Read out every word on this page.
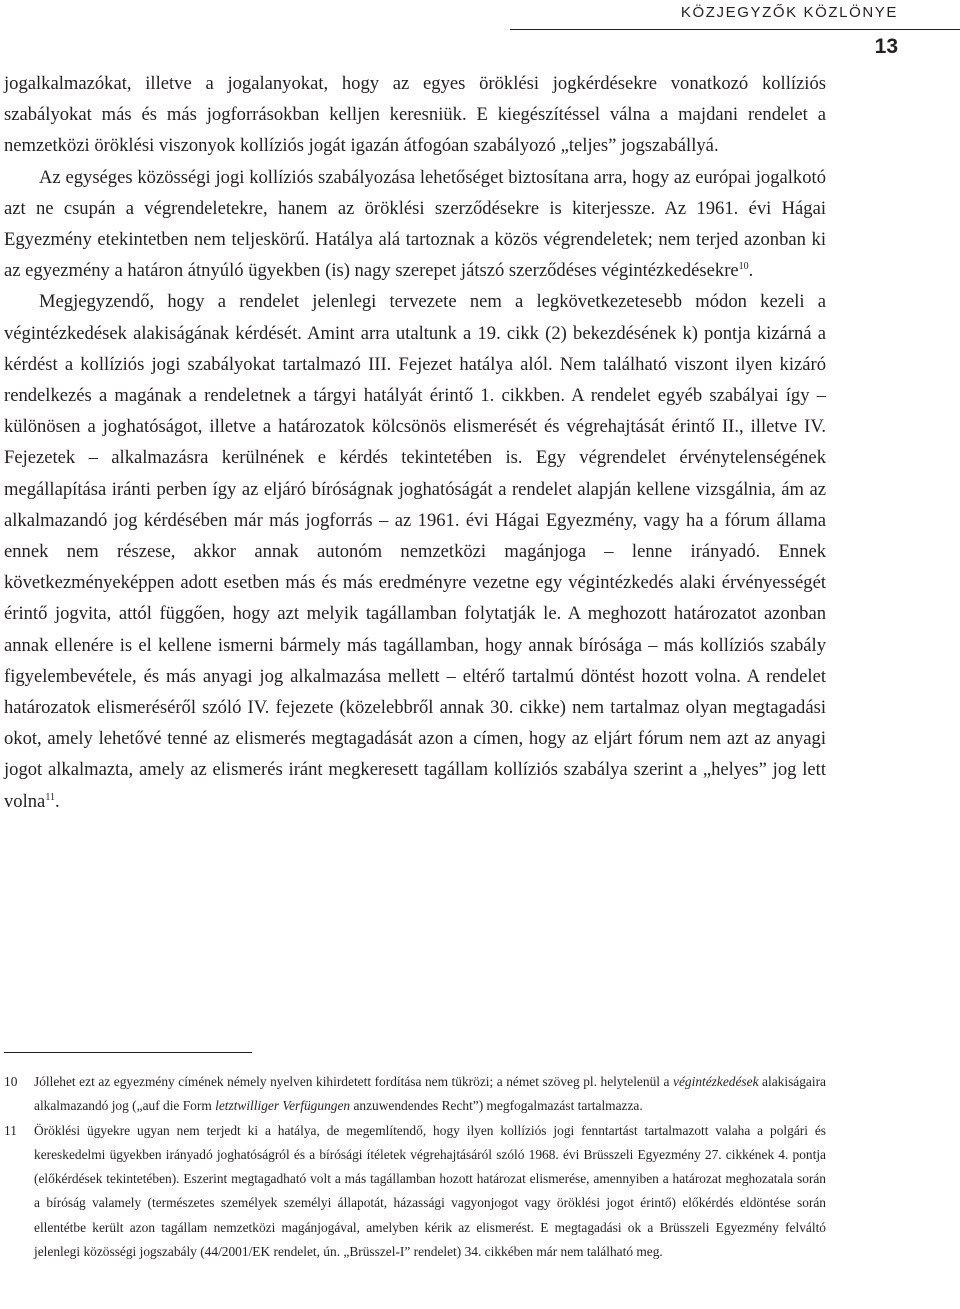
KÖZJEGYZŐK KÖZLÖNYE
13

jogalkalmazókat, illetve a jogalanyokat, hogy az egyes öröklési jogkérdésekre vonatkozó kollíziós szabályokat más és más jogforrásokban kelljen keresniük. E kiegészítéssel válna a majdani rendelet a nemzetközi öröklési viszonyok kollíziós jogát igazán átfogóan szabályozó „teljes” jogszabállyá.

Az egységes közösségi jogi kollíziós szabályozása lehetőséget biztosítana arra, hogy az európai jogalkotó azt ne csupán a végrendeletekre, hanem az öröklési szerződésekre is kiterjessze. Az 1961. évi Hágai Egyezmény etekintetben nem teljeskörű. Hatálya alá tartoznak a közös végrendeletek; nem terjed azonban ki az egyezmény a határon átnyúló ügyekben (is) nagy szerepet játszó szerződéses végintézkedésekre$^{10}$.

Megjegyzendő, hogy a rendelet jelenlegi tervezete nem a legkövetkezetesebb módon kezeli a végintézkedések alakiságának kérdését. Amint arra utaltunk a 19. cikk (2) bekezdésének k) pontja kizárná a kérdést a kollíziós jogi szabályokat tartalmazó III. Fejezet hatálya alól. Nem található viszont ilyen kizáró rendelkezés a magának a rendeletnek a tárgyi hatályát érintő 1. cikkben. A rendelet egyéb szabályai így – különösen a joghatóságot, illetve a határozatok kölcsönös elismerését és végrehajtását érintő II., illetve IV. Fejezetek – alkalmazásra kerülnének e kérdés tekintetében is. Egy végrendelet érvénytelenségének megállapítása iránti perben így az eljáró bíróságnak joghatóságát a rendelet alapján kellene vizsgálnia, ám az alkalmazandó jog kérdésében már más jogforrás – az 1961. évi Hágai Egyezmény, vagy ha a fórum állama ennek nem részese, akkor annak autonóm nemzetközi magánjoga – lenne irányadó. Ennek következményeképpen adott esetben más és más eredményre vezetne egy végintézkedés alaki érvényességét érintő jogvita, attól függően, hogy azt melyik tagállamban folytatják le. A meghozott határozatot azonban annak ellenére is el kellene ismerni bármely más tagállamban, hogy annak bírósága – más kollíziós szabály figyelembevétele, és más anyagi jog alkalmazása mellett – eltérő tartalmú döntést hozott volna. A rendelet határozatok elismeréséről szóló IV. fejezete (közelebbről annak 30. cikke) nem tartalmaz olyan megtagadási okot, amely lehetővé tenné az elismerés megtagadását azon a címen, hogy az eljárt fórum nem azt az anyagi jogot alkalmazta, amely az elismerés iránt megkeresett tagállam kollíziós szabálya szerint a „helyes” jog lett volna$^{11}$.

10	Jóllehet ezt az egyezmény címének némely nyelven kihirdetett fordítása nem tükrözi; a német szöveg pl. helytelenül a végintézkedések alakiságaira alkalmazandó jog („auf die Form letztwilliger Verfügungen anzuwendendes Recht”) megfogalmazást tartalmazza.
11	Öröklési ügyekre ugyan nem terjedt ki a hatálya, de megemlítendő, hogy ilyen kollíziós jogi fenntartást tartalmazott valaha a polgári és kereskedelmi ügyekben irányadó joghatóságról és a bírósági ítéletek végrehajtásáról szóló 1968. évi Brüsszeli Egyezmény 27. cikkének 4. pontja (előkérdések tekintetében). Eszerint megtagadható volt a más tagállamban hozott határozat elismerése, amennyiben a határozat meghozatala során a bíróság valamely (természetes személyek személyi állapotát, házassági vagyonjogot vagy öröklési jogot érintő) előkérdés eldöntése során ellentétbe került azon tagállam nemzetközi magánjogával, amelyben kérik az elismerést. E megtagadási ok a Brüsszeli Egyezmény felváltó jelenlegi közösségi jogszabály (44/2001/EK rendelet, ún. „Brüsszel-I” rendelet) 34. cikkében már nem található meg.
